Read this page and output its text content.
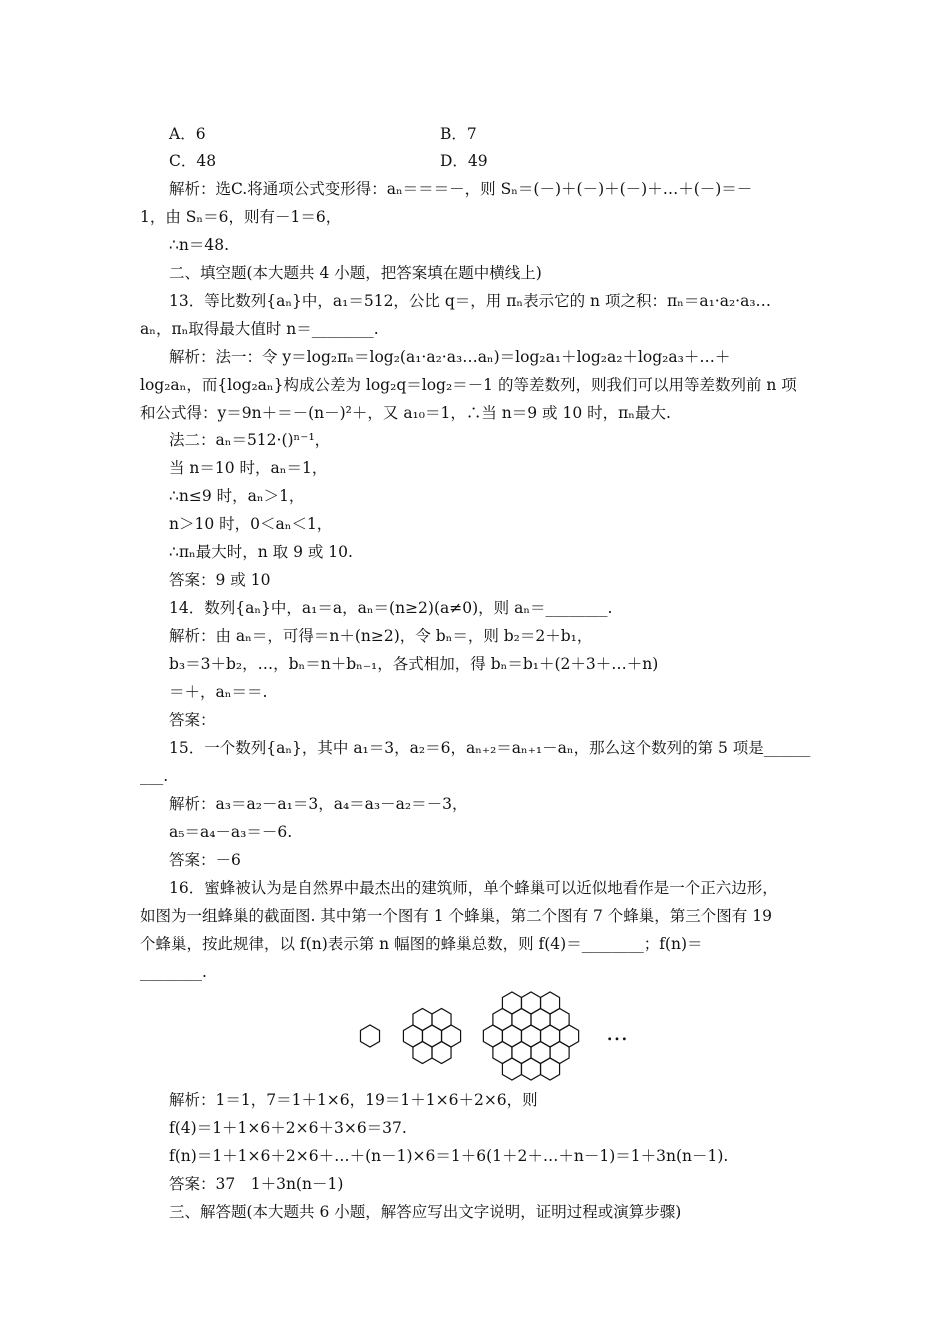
A．6	B．7
C．48	D．49
解析：选C.将通项公式变形得：aₙ＝＝＝－，则 Sₙ＝(－)＋(－)＋(－)＋…＋(－)＝－
1，由 Sₙ＝6，则有－1＝6，
∴n＝48.
二、填空题(本大题共 4 小题，把答案填在题中横线上)
13．等比数列{aₙ}中，a₁＝512，公比 q＝，用 πₙ表示它的 n 项之积：πₙ＝a₁·a₂·a₃…
aₙ，πₙ取得最大值时 n＝________.
解析：法一：令 y＝log₂πₙ＝log₂(a₁·a₂·a₃…aₙ)＝log₂a₁＋log₂a₂＋log₂a₃＋…＋
log₂aₙ，而{log₂aₙ}构成公差为 log₂q＝log₂＝－1 的等差数列，则我们可以用等差数列前 n 项
和公式得：y＝9n＋＝－(n－)²＋，又 a₁₀＝1，∴当 n＝9 或 10 时，πₙ最大.
法二：aₙ＝512·()ⁿ⁻¹，
当 n＝10 时，aₙ＝1，
∴n≤9 时，aₙ＞1，
n＞10 时，0＜aₙ＜1，
∴πₙ最大时，n 取 9 或 10.
答案：9 或 10
14．数列{aₙ}中，a₁＝a，aₙ＝(n≥2)(a≠0)，则 aₙ＝________.
解析：由 aₙ＝，可得＝n＋(n≥2)，令 bₙ＝，则 b₂＝2＋b₁，
b₃＝3＋b₂，…，bₙ＝n＋bₙ₋₁，各式相加，得 bₙ＝b₁＋(2＋3＋…＋n)
＝＋，aₙ＝＝.
答案：
15．一个数列{aₙ}，其中 a₁＝3，a₂＝6，aₙ₊₂＝aₙ₊₁－aₙ，那么这个数列的第 5 项是______
___.
解析：a₃＝a₂－a₁＝3，a₄＝a₃－a₂＝－3，
a₅＝a₄－a₃＝－6.
答案：－6
16．蜜蜂被认为是自然界中最杰出的建筑师，单个蜂巢可以近似地看作是一个正六边形，
如图为一组蜂巢的截面图. 其中第一个图有 1 个蜂巢，第二个图有 7 个蜂巢，第三个图有 19
个蜂巢，按此规律，以 f(n)表示第 n 幅图的蜂巢总数，则 f(4)＝________；f(n)＝
________.
…
解析：1＝1，7＝1＋1×6，19＝1＋1×6＋2×6，则
f(4)＝1＋1×6＋2×6＋3×6＝37.
f(n)＝1＋1×6＋2×6＋…＋(n－1)×6＝1＋6(1＋2＋…＋n－1)＝1＋3n(n－1).
答案：37　1＋3n(n－1)
三、解答题(本大题共 6 小题，解答应写出文字说明，证明过程或演算步骤)
